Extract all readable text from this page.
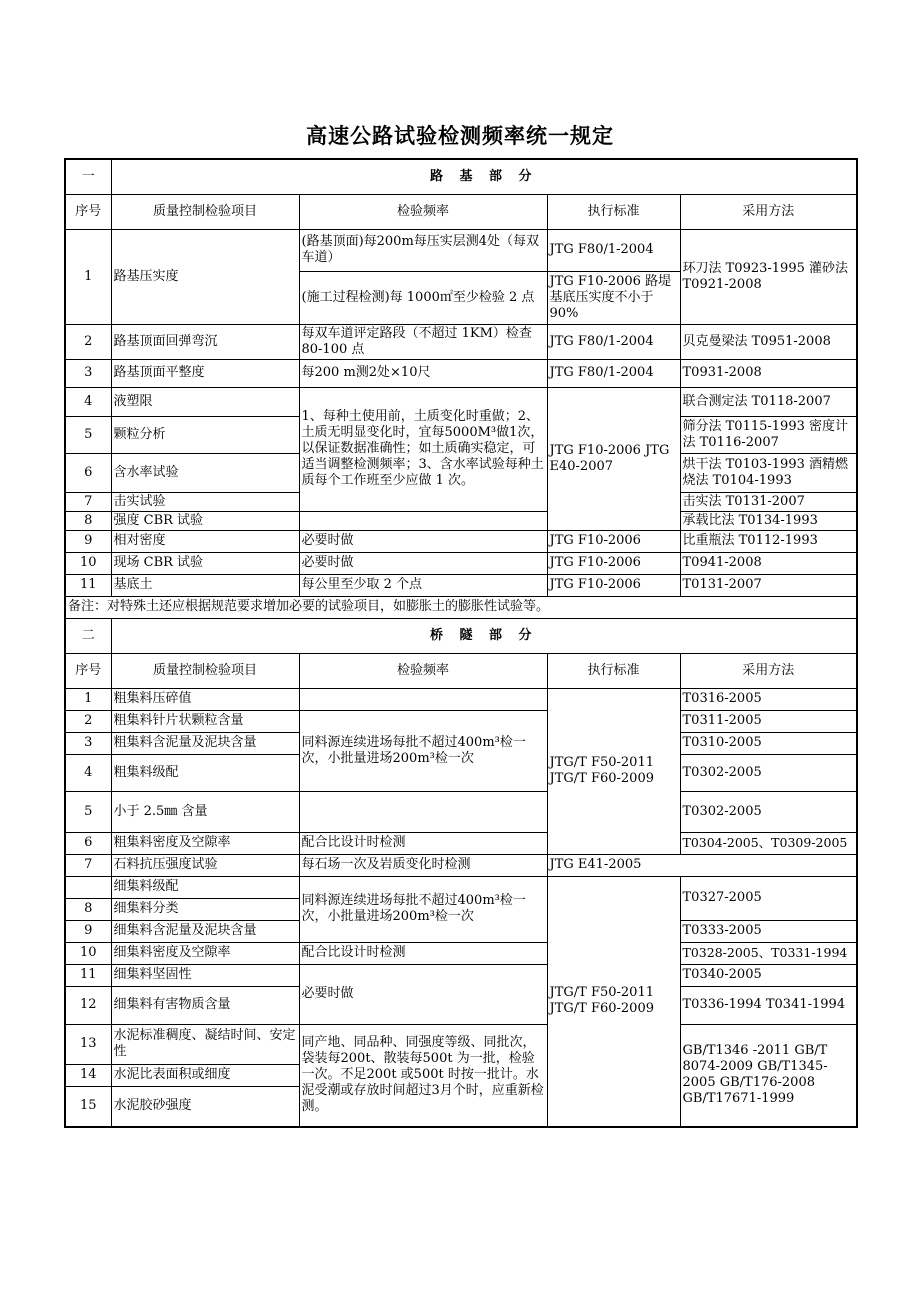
高速公路试验检测频率统一规定
一	路 基 部 分			
序号	质量控制检验项目	检验频率	执行标准	采用方法
1	路基压实度	(路基顶面)每200m每压实层测4处（每双车道）	JTG F80/1-2004	环刀法 T0923-1995 灌砂法 T0921-2008
		(施工过程检测)每 1000㎡至少检验 2 点	JTG F10-2006 路堤基底压实度不小于 90%	
2	路基顶面回弹弯沉	每双车道评定路段（不超过 1KM）检查 80-100 点	JTG F80/1-2004	贝克曼梁法 T0951-2008
3	路基顶面平整度	每200 m测2处×10尺	JTG F80/1-2004	T0931-2008
4	液塑限	1、每种土使用前，土质变化时重做；2、土质无明显变化时，宜每5000M³做1次，以保证数据准确性；如土质确实稳定，可适当调整检测频率；3、含水率试验每种土质每个工作班至少应做 1 次。	JTG F10-2006 JTG E40-2007	联合测定法 T0118-2007
5	颗粒分析			筛分法 T0115-1993 密度计法 T0116-2007
6	含水率试验			烘干法 T0103-1993 酒精燃烧法 T0104-1993
7	击实试验			击实法 T0131-2007
8	强度 CBR 试验			承载比法 T0134-1993
9	相对密度	必要时做	JTG F10-2006	比重瓶法 T0112-1993
10	现场 CBR 试验	必要时做	JTG F10-2006	T0941-2008
11	基底土	每公里至少取 2 个点	JTG F10-2006	T0131-2007
备注：对特殊土还应根据规范要求增加必要的试验项目，如膨胀土的膨胀性试验等。				
二	桥 隧 部 分			
序号	质量控制检验项目	检验频率	执行标准	采用方法
1	粗集料压碎值		JTG/T F50-2011 JTG/T F60-2009	T0316-2005
2	粗集料针片状颗粒含量	同料源连续进场每批不超过400m³检一次，小批量进场200m³检一次		T0311-2005
3	粗集料含泥量及泥块含量			T0310-2005
4	粗集料级配			T0302-2005
5	小于 2.5㎜ 含量			T0302-2005
6	粗集料密度及空隙率	配合比设计时检测		T0304-2005、T0309-2005
7	石料抗压强度试验	每石场一次及岩质变化时检测	JTG E41-2005	
	细集料级配	同料源连续进场每批不超过400m³检一次，小批量进场200m³检一次	JTG/T F50-2011 JTG/T F60-2009	T0327-2005
8	细集料分类			
9	细集料含泥量及泥块含量			T0333-2005
10	细集料密度及空隙率	配合比设计时检测		T0328-2005、T0331-1994
11	细集料坚固性	必要时做		T0340-2005
12	细集料有害物质含量			T0336-1994 T0341-1994
13	水泥标准稠度、凝结时间、安定性	同产地、同品种、同强度等级、同批次，袋装每200t、散装每500t 为一批，检验一次。不足200t 或500t 时按一批计。水泥受潮或存放时间超过3月个时，应重新检测。		GB/T1346 -2011 GB/T 8074-2009 GB/T1345-2005 GB/T176-2008 GB/T17671-1999
14	水泥比表面积或细度			
15	水泥胶砂强度			
